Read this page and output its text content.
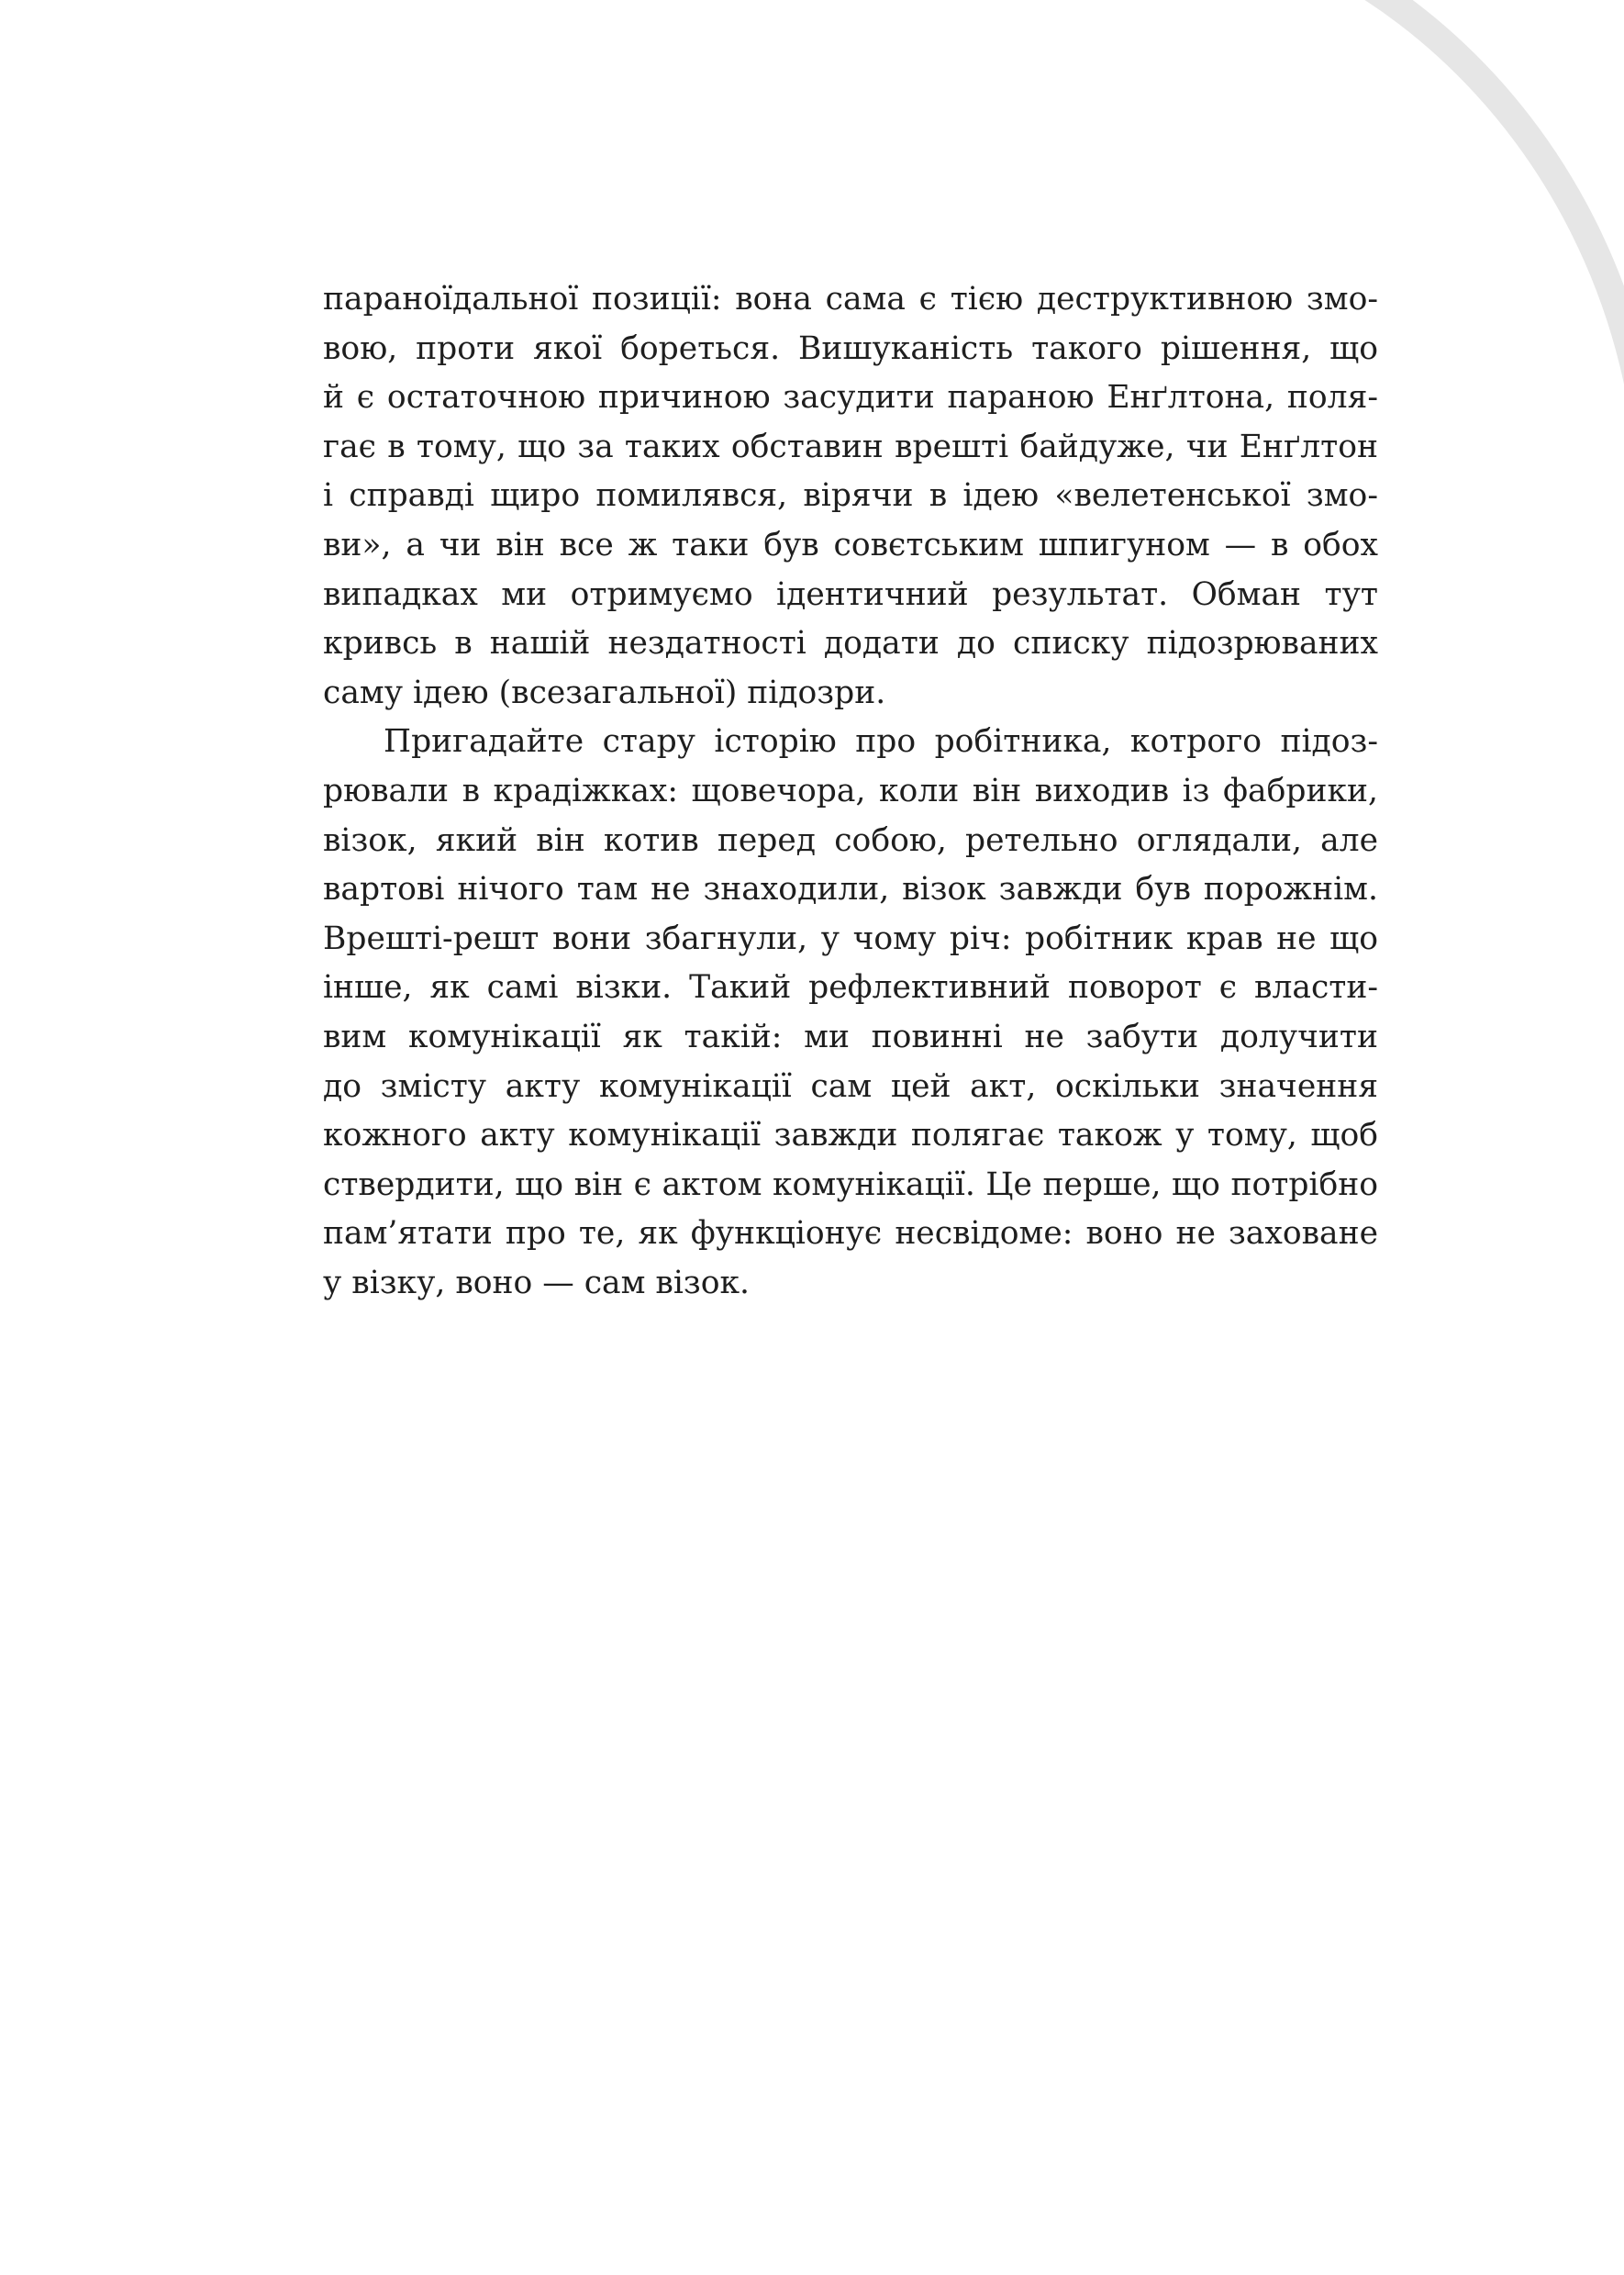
параноїдальної позиції: вона сама є тією деструктивною змо-
вою, проти якої бореться. Вишуканість такого рішення, що
й є остаточною причиною засудити параною Енґлтона, поля-
гає в тому, що за таких обставин врешті байдуже, чи Енґлтон
і справді щиро помилявся, вірячи в ідею «велетенської змо-
ви», а чи він все ж таки був совєтським шпигуном — в обох
випадках ми отримуємо ідентичний результат. Обман тут
кривсь в нашій нездатності додати до списку підозрюваних
саму ідею (всезагальної) підозри.
Пригадайте стару історію про робітника, котрого підоз-
рювали в крадіжках: щовечора, коли він виходив із фабрики,
візок, який він котив перед собою, ретельно оглядали, але
вартові нічого там не знаходили, візок завжди був порожнім.
Врешті-решт вони збагнули, у чому річ: робітник крав не що
інше, як самі візки. Такий рефлективний поворот є власти-
вим комунікації як такій: ми повинні не забути долучити
до змісту акту комунікації сам цей акт, оскільки значення
кожного акту комунікації завжди полягає також у тому, щоб
ствердити, що він є актом комунікації. Це перше, що потрібно
пам’ятати про те, як функціонує несвідоме: воно не заховане
у візку, воно — сам візок.
